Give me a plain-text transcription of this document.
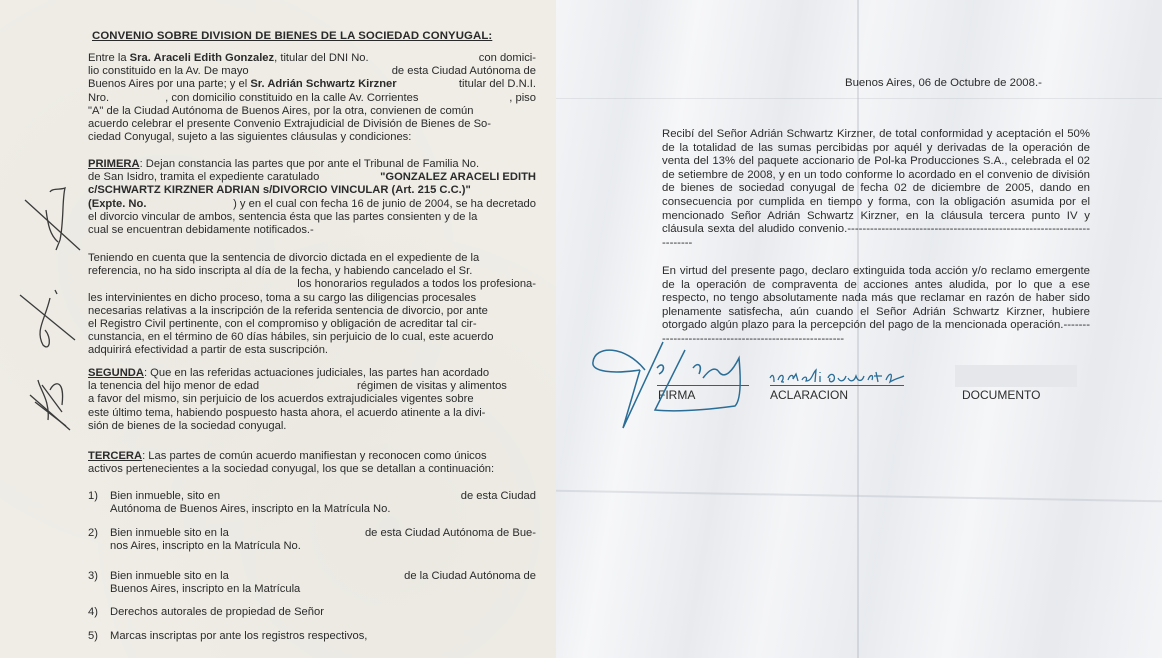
CONVENIO SOBRE DIVISION DE BIENES DE LA SOCIEDAD CONYUGAL:
Entre la Sra. Araceli Edith Gonzalez, titular del DNI No.	con domici-
lio constituido en la Av. De mayo	de esta Ciudad Autónoma de
Buenos Aires por una parte; y el Sr. Adrián Schwartz Kirzner	titular del D.N.I.
Nro.	, con domicilio constituido en la calle Av. Corrientes	, piso
"A" de la Ciudad Autónoma de Buenos Aires, por la otra, convienen de común
acuerdo celebrar el presente Convenio Extrajudicial de División de Bienes de So-
ciedad Conyugal, sujeto a las siguientes cláusulas y condiciones:
PRIMERA: Dejan constancia las partes que por ante el Tribunal de Familia No.
de San Isidro, tramita el expediente caratulado	"GONZALEZ ARACELI EDITH
c/SCHWARTZ KIRZNER ADRIAN s/DIVORCIO VINCULAR (Art. 215 C.C.)"
(Expte. No.	) y en el cual con fecha 16 de junio de 2004, se ha decretado
el divorcio vincular de ambos, sentencia ésta que las partes consienten y de la
cual se encuentran debidamente notificados.-
Teniendo en cuenta que la sentencia de divorcio dictada en el expediente de la
referencia, no ha sido inscripta al día de la fecha, y habiendo cancelado el Sr.
los honorarios regulados a todos los profesiona-
les intervinientes en dicho proceso, toma a su cargo las diligencias procesales
necesarias relativas a la inscripción de la referida sentencia de divorcio, por ante
el Registro Civil pertinente, con el compromiso y obligación de acreditar tal cir-
cunstancia, en el término de 60 días hábiles, sin perjuicio de lo cual, este acuerdo
adquirirá efectividad a partir de esta suscripción.
SEGUNDA: Que en las referidas actuaciones judiciales, las partes han acordado
la tenencia del hijo menor de edad	régimen de visitas y alimentos
a favor del mismo, sin perjuicio de los acuerdos extrajudiciales vigentes sobre
este último tema, habiendo pospuesto hasta ahora, el acuerdo atinente a la divi-
sión de bienes de la sociedad conyugal.
TERCERA: Las partes de común acuerdo manifiestan y reconocen como únicos
activos pertenecientes a la sociedad conyugal, los que se detallan a continuación:
1) Bien inmueble, sito en	de esta Ciudad
Autónoma de Buenos Aires, inscripto en la Matrícula No.
2) Bien inmueble sito en la	de esta Ciudad Autónoma de Bue-
nos Aires, inscripto en la Matrícula No.
3) Bien inmueble sito en la	de la Ciudad Autónoma de
Buenos Aires, inscripto en la Matrícula
4) Derechos autorales de propiedad de Señor
5) Marcas inscriptas por ante los registros respectivos,
Buenos Aires, 06 de Octubre de 2008.-
Recibí del Señor Adrián Schwartz Kirzner, de total conformidad y aceptación el 50% de la totalidad de las sumas percibidas por aquél y derivadas de la operación de venta del 13% del paquete accionario de Pol-ka Producciones S.A., celebrada el 02 de setiembre de 2008, y en un todo conforme lo acordado en el convenio de división de bienes de sociedad conyugal de fecha 02 de diciembre de 2005, dando en consecuencia por cumplida en tiempo y forma, con la obligación asumida por el mencionado Señor Adrián Schwartz Kirzner, en la cláusula tercera punto IV y cláusula sexta del aludido convenio.------------------------------------------------------------------------
En virtud del presente pago, declaro extinguida toda acción y/o reclamo emergente de la operación de compraventa de acciones antes aludida, por lo que a ese respecto, no tengo absolutamente nada más que reclamar en razón de haber sido plenamente satisfecha, aún cuando el Señor Adrián Schwartz Kirzner, hubiere otorgado algún plazo para la percepción del pago de la mencionada operación.-------------------------------------------------------
FIRMA	ACLARACION	DOCUMENTO
